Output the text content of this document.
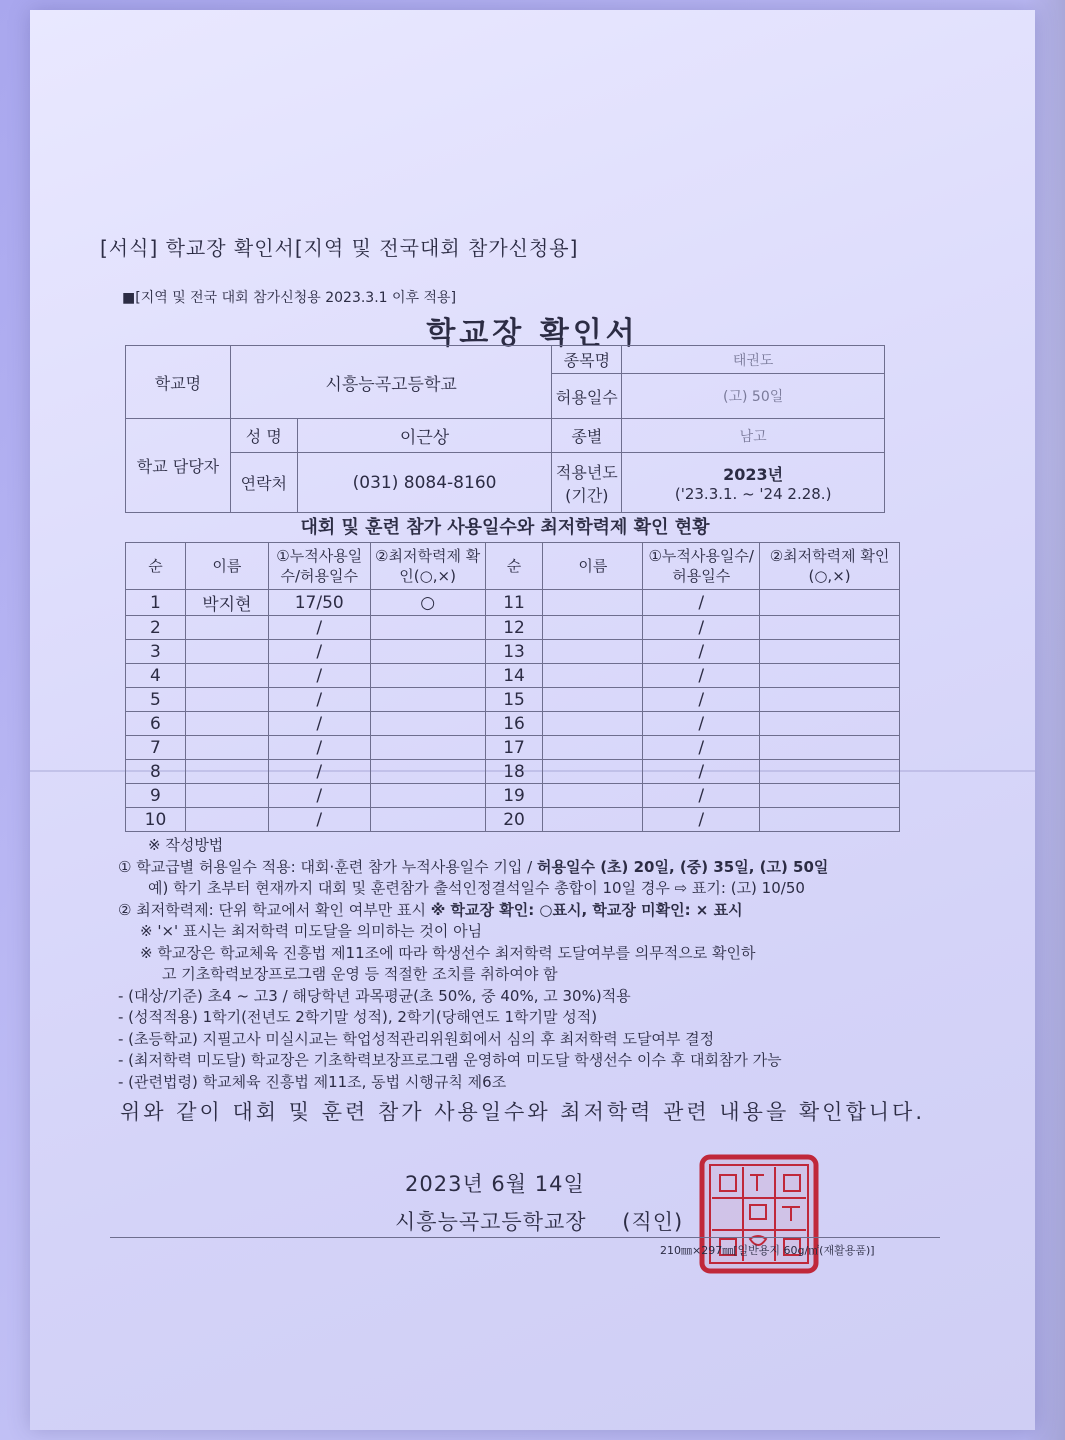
[서식] 학교장 확인서[지역 및 전국대회 참가신청용]
■[지역 및 전국 대회 참가신청용 2023.3.1 이후 적용]
학교장 확인서
학교명	시흥능곡고등학교		종목명	태권도
			허용일수	(고) 50일
학교 담당자	성 명	이근상	종별	남고
	연락처	(031) 8084-8160	적용년도 (기간)	2023년
('23.3.1. ~ '24 2.28.)
대회 및 훈련 참가 사용일수와 최저학력제 확인 현황
순	이름	①누적사용일수/허용일수	②최저학력제 확인(○,×)	순	이름	①누적사용일수/허용일수	②최저학력제 확인(○,×)
1	박지현	17/50	○	11		/	
2		/		12		/	
3		/		13		/	
4		/		14		/	
5		/		15		/	
6		/		16		/	
7		/		17		/	
8		/		18		/	
9		/		19		/	
10		/		20		/	
※ 작성방법
① 학교급별 허용일수 적용: 대회·훈련 참가 누적사용일수 기입 / 허용일수 (초) 20일, (중) 35일, (고) 50일
예) 학기 초부터 현재까지 대회 및 훈련참가 출석인정결석일수 총합이 10일 경우 ⇨ 표기: (고) 10/50
② 최저학력제: 단위 학교에서 확인 여부만 표시 ※ 학교장 확인: ○표시, 학교장 미확인: × 표시
※ '×' 표시는 최저학력 미도달을 의미하는 것이 아님
※ 학교장은 학교체육 진흥법 제11조에 따라 학생선수 최저학력 도달여부를 의무적으로 확인하
고 기초학력보장프로그램 운영 등 적절한 조치를 취하여야 함
- (대상/기준) 초4 ~ 고3 / 해당학년 과목평균(초 50%, 중 40%, 고 30%)적용
- (성적적용) 1학기(전년도 2학기말 성적), 2학기(당해연도 1학기말 성적)
- (초등학교) 지필고사 미실시교는 학업성적관리위원회에서 심의 후 최저학력 도달여부 결정
- (최저학력 미도달) 학교장은 기초학력보장프로그램 운영하여 미도달 학생선수 이수 후 대회참가 가능
- (관련법령) 학교체육 진흥법 제11조, 동법 시행규칙 제6조
위와 같이 대회 및 훈련 참가 사용일수와 최저학력 관련 내용을 확인합니다.
2023년 6월 14일
시흥능곡고등학교장 (직인)
210㎜×297㎜[일반용지 60g/㎡(재활용품)]
